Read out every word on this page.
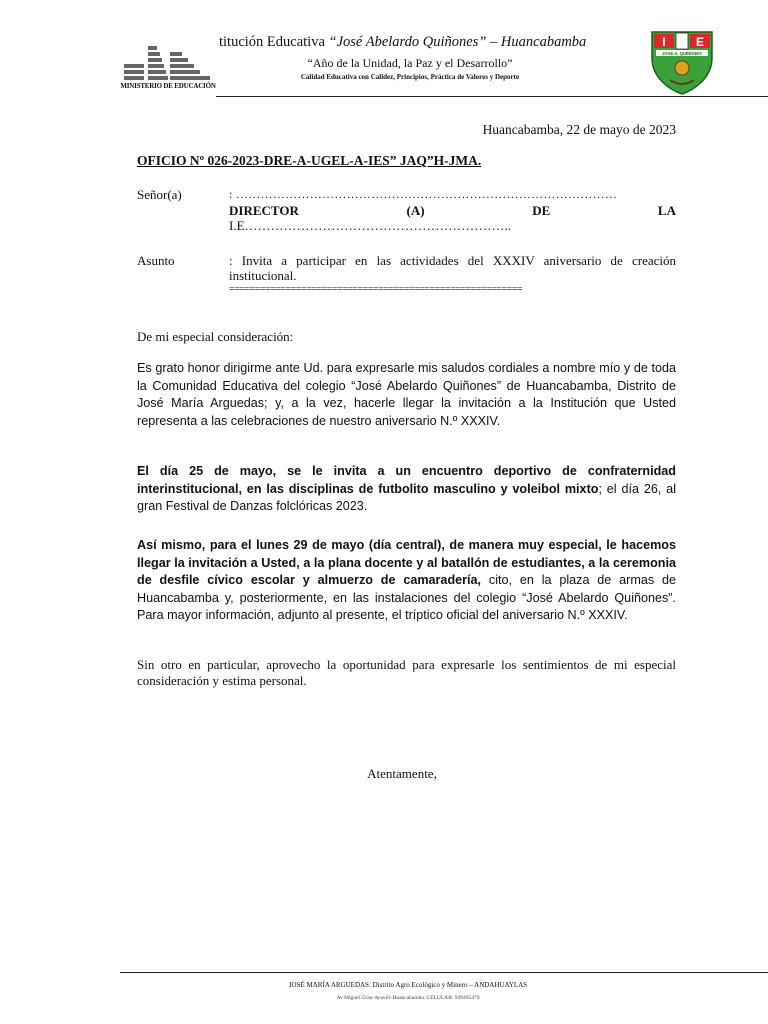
MINISTERIO DE EDUCACIÓN
titución Educativa “José Abelardo Quiñones” – Huancabamba
“Año de la Unidad, la Paz y el Desarrollo”
Calidad Educativa con Calidez, Principios, Práctica de Valores y Deporte
I	E
JOSE A. QUIÑONES
Huancabamba, 22 de mayo de 2023
OFICIO Nº 026-2023-DRE-A-UGEL-A-IES” JAQ”H-JMA.
Señor(a)	: …………………………………………………………………………………
DIRECTOR	(A)	DE	LA
I.E……………………………………………………..
Asunto	: Invita a participar en las actividades del XXXIV aniversario de creación institucional.
=========================================================
De mi especial consideración:
Es grato honor dirigirme ante Ud. para expresarle mis saludos cordiales a nombre mío y de toda la Comunidad Educativa del colegio “José Abelardo Quiñones” de Huancabamba, Distrito de José María Arguedas; y, a la vez, hacerle llegar la invitación a la Institución que Usted representa a las celebraciones de nuestro aniversario N.º XXXIV.
El día 25 de mayo, se le invita a un encuentro deportivo de confraternidad interinstitucional, en las disciplinas de futbolito masculino y voleibol mixto; el día 26, al gran Festival de Danzas folclóricas 2023.
Así mismo, para el lunes 29 de mayo (día central), de manera muy especial, le hacemos llegar la invitación a Usted, a la plana docente y al batallón de estudiantes, a la ceremonia de desfile cívico escolar y almuerzo de camaradería, cito, en la plaza de armas de Huancabamba y, posteriormente, en las instalaciones del colegio “José Abelardo Quiñones”. Para mayor información, adjunto al presente, el tríptico oficial del aniversario N.º XXXIV.
Sin otro en particular, aprovecho la oportunidad para expresarle los sentimientos de mi especial consideración y estima personal.
Atentamente,
JOSÉ MARÍA ARGUEDAS: Distrito Agro Ecológico y Minero – ANDAHUAYLAS
Av Miguel Grau-Ayaviri-Huancabamba. CELULAR: 949495479
